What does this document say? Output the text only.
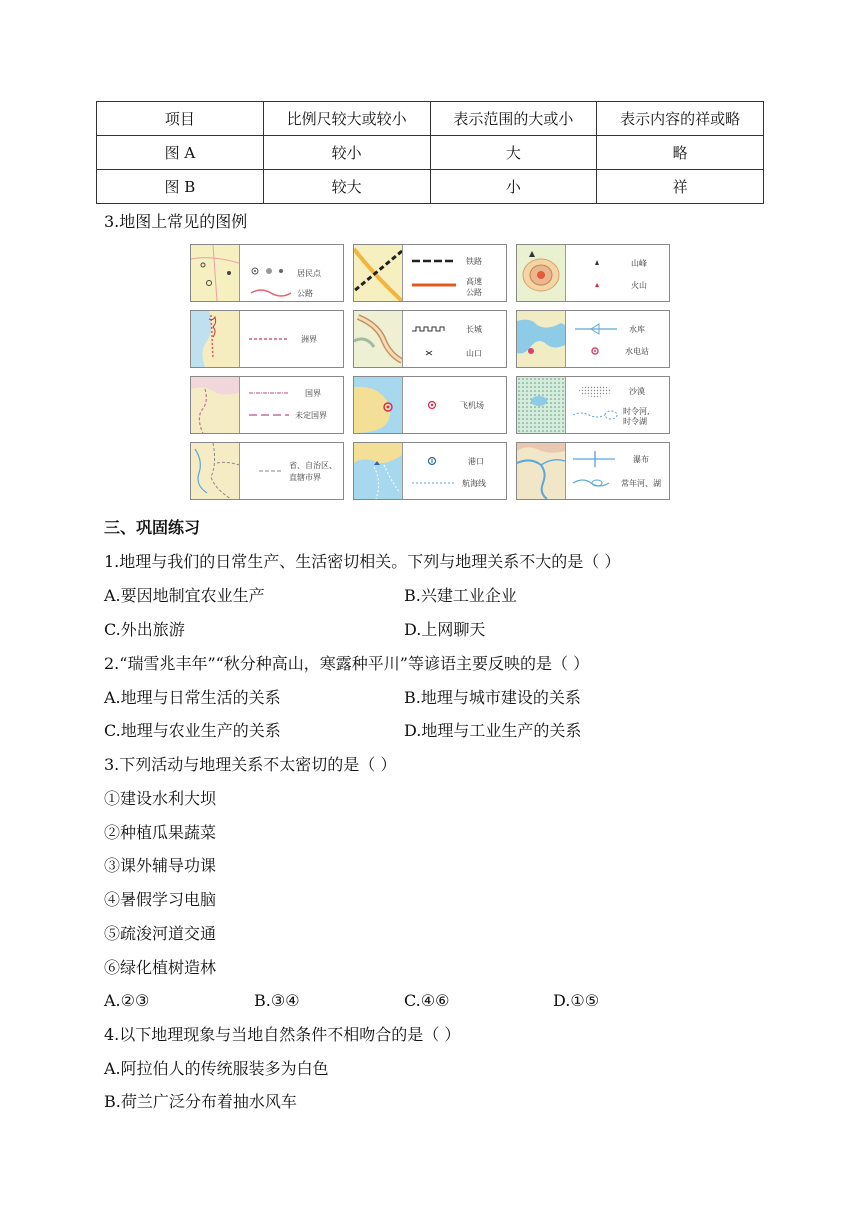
项目	比例尺较大或较小	表示范围的大或小	表示内容的祥或略
图 A	较小	大	略
图 B	较大	小	祥
3.地图上常见的图例
居民点
公路
铁路
高速
公路
山峰
火山
洲界
长城
山口
水库
水电站
国界
未定国界
飞机场
沙漠
时令河,
时令湖
省、自治区、
直辖市界
港口
航海线
瀑布
常年河、湖
三、巩固练习
1.地理与我们的日常生产、生活密切相关。下列与地理关系不大的是（ ）
A.要因地制宜农业生产	B.兴建工业企业
C.外出旅游	D.上网聊天
2.“瑞雪兆丰年”“秋分种高山，寒露种平川”等谚语主要反映的是（ ）
A.地理与日常生活的关系	B.地理与城市建设的关系
C.地理与农业生产的关系	D.地理与工业生产的关系
3.下列活动与地理关系不太密切的是（ ）
①建设水利大坝
②种植瓜果蔬菜
③课外辅导功课
④暑假学习电脑
⑤疏浚河道交通
⑥绿化植树造林
A.②③	B.③④	C.④⑥	D.①⑤
4.以下地理现象与当地自然条件不相吻合的是（ ）
A.阿拉伯人的传统服装多为白色
B.荷兰广泛分布着抽水风车
